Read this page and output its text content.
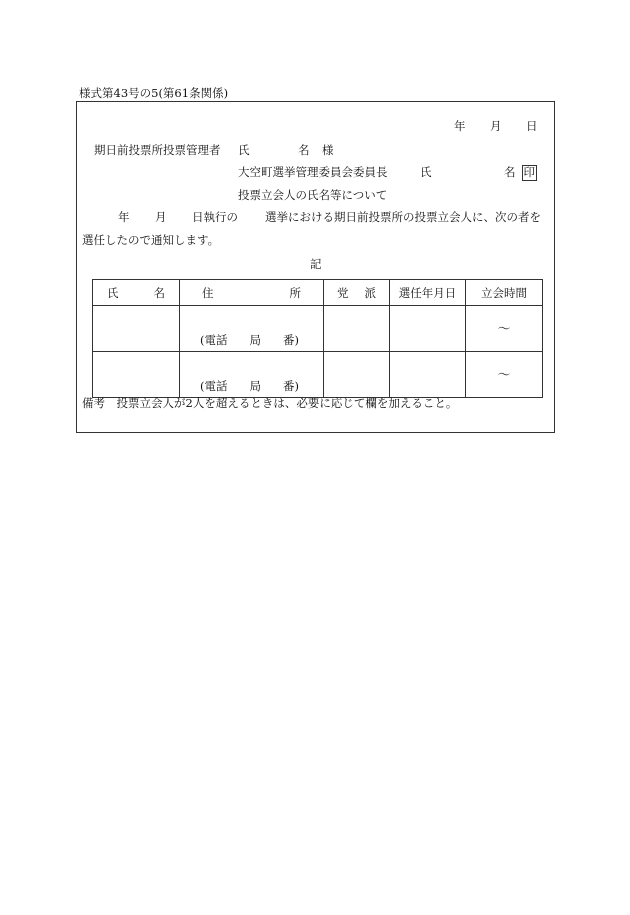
様式第43号の5(第61条関係)
年 月 日
期日前投票所投票管理者 氏	名 様
大空町選挙管理委員会委員長	氏	名 印
投票立会人の氏名等について
年 月 日執行の 選挙における期日前投票所の投票立会人に、次の者を
選任したので通知します。
記
氏 名	住 所	党 派	選任年月日	立会時間

	(電話 局 番)			～

	(電話 局 番)			～
備考　投票立会人が2人を超えるときは、必要に応じて欄を加えること。
